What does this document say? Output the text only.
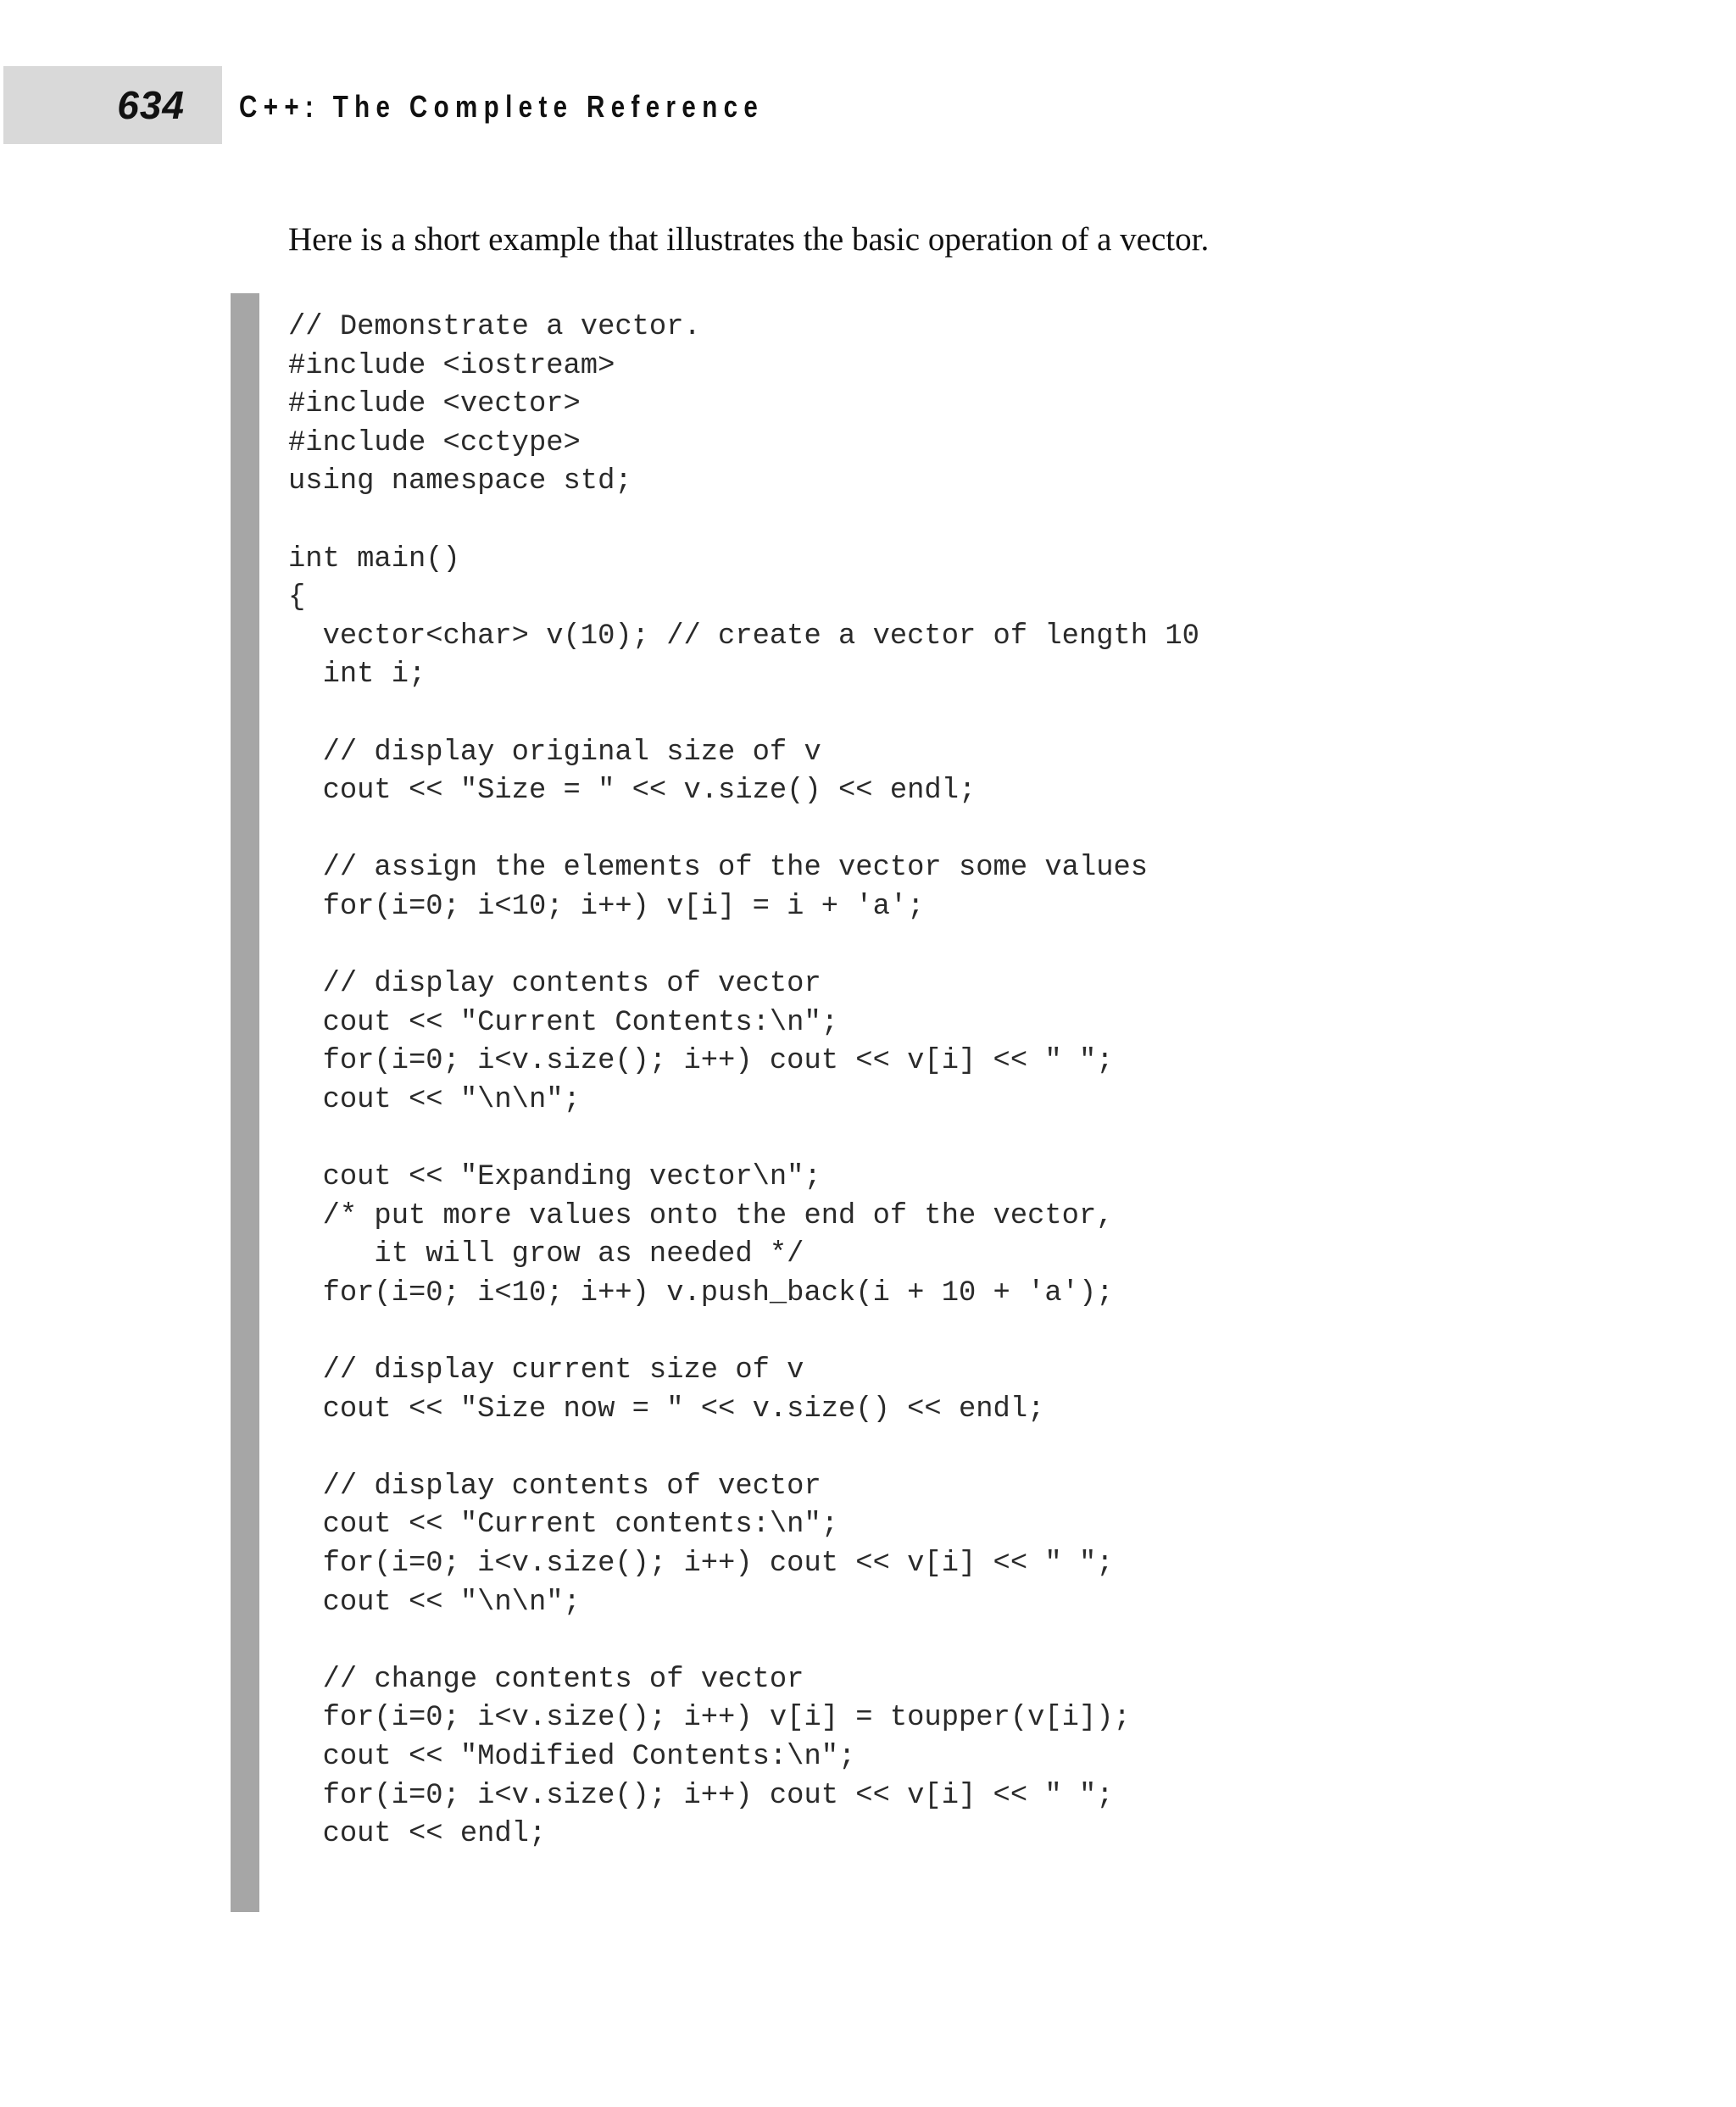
634 C++: The Complete Reference
Here is a short example that illustrates the basic operation of a vector.
// Demonstrate a vector.
#include <iostream>
#include <vector>
#include <cctype>
using namespace std;

int main()
{
vector<char> v(10); // create a vector of length 10
int i;

// display original size of v
cout << "Size = " << v.size() << endl;

// assign the elements of the vector some values
for(i=0; i<10; i++) v[i] = i + 'a';

// display contents of vector
cout << "Current Contents:\n";
for(i=0; i<v.size(); i++) cout << v[i] << " ";
cout << "\n\n";

cout << "Expanding vector\n";
/* put more values onto the end of the vector,
it will grow as needed */
for(i=0; i<10; i++) v.push_back(i + 10 + 'a');

// display current size of v
cout << "Size now = " << v.size() << endl;

// display contents of vector
cout << "Current contents:\n";
for(i=0; i<v.size(); i++) cout << v[i] << " ";
cout << "\n\n";

// change contents of vector
for(i=0; i<v.size(); i++) v[i] = toupper(v[i]);
cout << "Modified Contents:\n";
for(i=0; i<v.size(); i++) cout << v[i] << " ";
cout << endl;
